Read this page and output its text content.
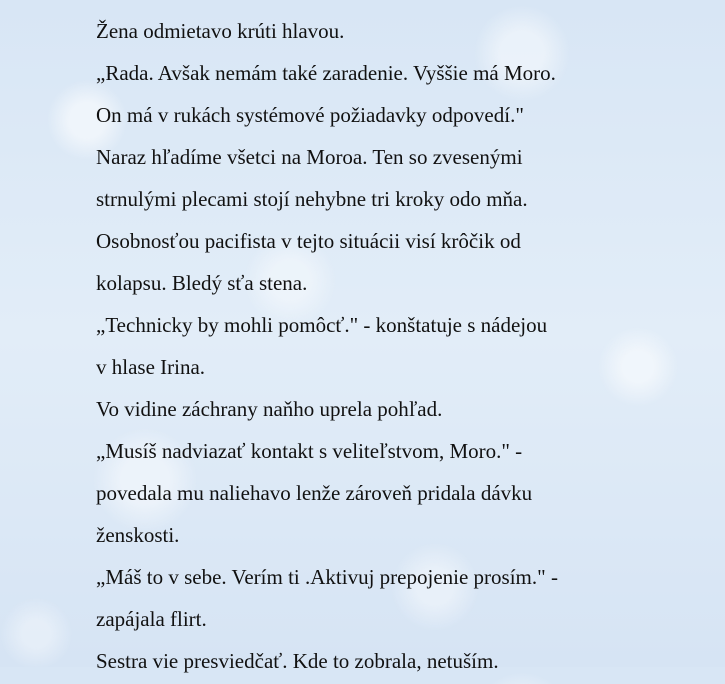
Žena odmietavo krúti hlavou.
„Rada. Avšak nemám také zaradenie. Vyššie má Moro.
On má v rukách systémové požiadavky odpovedí."
Naraz hľadíme všetci na Moroa. Ten so zvesenými
strnulými plecami stojí nehybne tri kroky odo mňa.
Osobnosťou pacifista v tejto situácii visí krôčik od
kolapsu. Bledý sťa stena.
„Technicky by mohli pomôcť." - konštatuje s nádejou
v hlase Irina.
Vo vidine záchrany naňho uprela pohľad.
„Musíš nadviazať kontakt s veliteľstvom, Moro." -
povedala mu naliehavo lenže zároveň pridala dávku
ženskosti.
„Máš to v sebe. Verím ti .Aktivuj prepojenie prosím." -
zapájala flirt.
Sestra vie presviedčať. Kde to zobrala, netuším.
